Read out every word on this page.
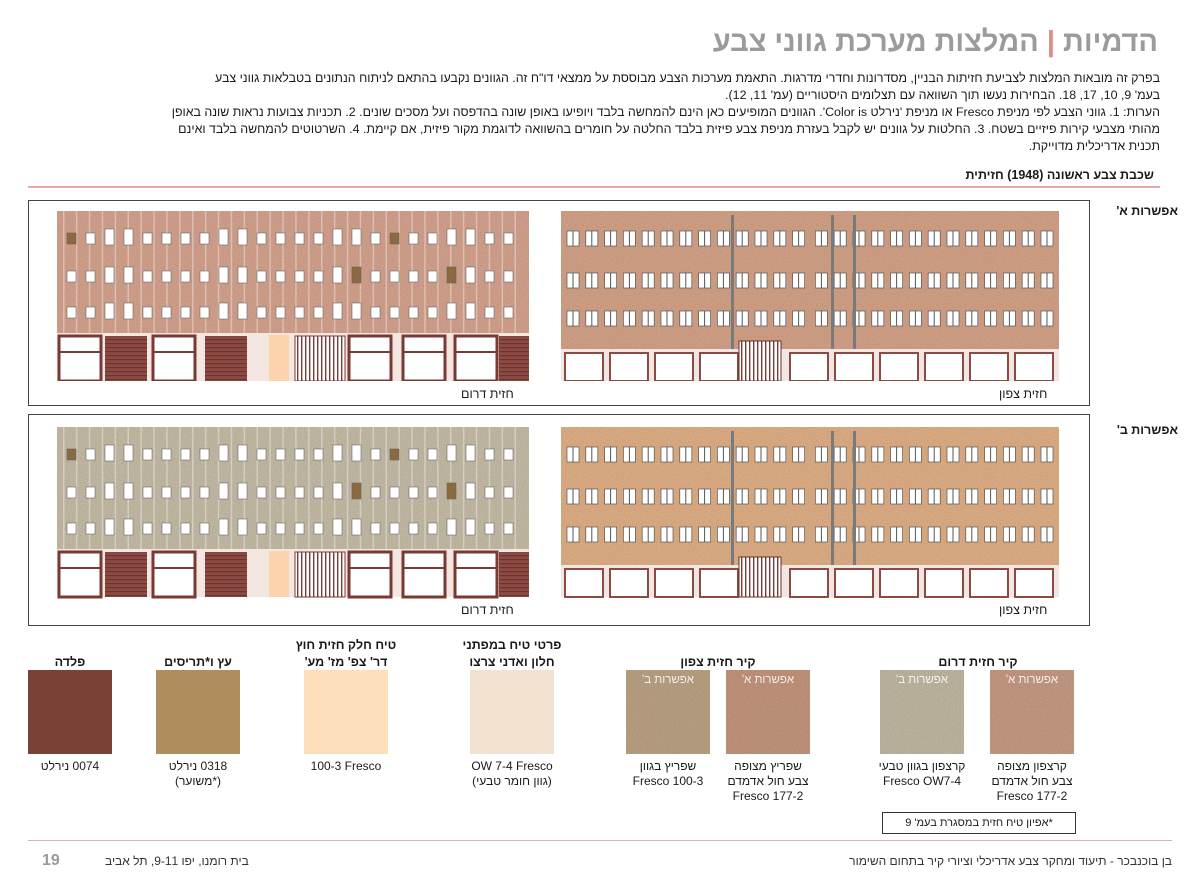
הדמיות | המלצות מערכת גווני צבע
בפרק זה מובאות המלצות לצביעת חזיתות הבניין, מסדרונות וחדרי מדרגות. התאמת מערכות הצבע מבוססת על ממצאי דו"ח זה. הגוונים נקבעו בהתאם לניתוח הנתונים בטבלאות גווני צבע
בעמ' 9, 10, 17, 18. הבחירות נעשו תוך השוואה עם תצלומים היסטוריים (עמ' 11, 12).
הערות: 1. גווני הצבע לפי מניפת Fresco או מניפת 'נירלט Color is'. הגוונים המופיעים כאן הינם להמחשה בלבד ויופיעו באופן שונה בהדפסה ועל מסכים שונים. 2. תכניות צבועות נראות שונה באופן
מהותי מצבעי קירות פיזיים בשטח. 3. החלטות על גוונים יש לקבל בעזרת מניפת צבע פיזית בלבד החלטה על חומרים בהשוואה לדוגמת מקור פיזית, אם קיימת. 4. השרטוטים להמחשה בלבד ואינם
תכנית אדריכלית מדוייקת.
שכבת צבע ראשונה (1948) חזיתית
אפשרות א'
אפשרות ב'
חזית דרום	חזית צפון
חזית דרום	חזית צפון
קיר חזית דרום
קיר חזית צפון
פרטי טיח במפתני
חלון ואדני צרצו
טיח חלק חזית חוץ
דר' צפ' מז' מע'
עץ ו*תריסים
פלדה
אפשרות א'
אפשרות ב'
אפשרות א'
אפשרות ב'
קרצפון מצופה
צבע חול אדמדם
Fresco 177-2
קרצפון בגוון טבעי
Fresco OW7-4
שפריץ מצופה
צבע חול אדמדם
Fresco 177-2
שפריץ בגוון
Fresco 100-3
OW 7-4 Fresco
(גוון חומר טבעי)
100-3 Fresco
0318 נירלט
(*משוער)
0074 נירלט
*אפיון טיח חזית במסגרת בעמ' 9
19	בן בוכנבכר - תיעוד ומחקר צבע אדריכלי וציורי קיר בתחום השימור
בית רומנו, יפו 9-11, תל אביב
